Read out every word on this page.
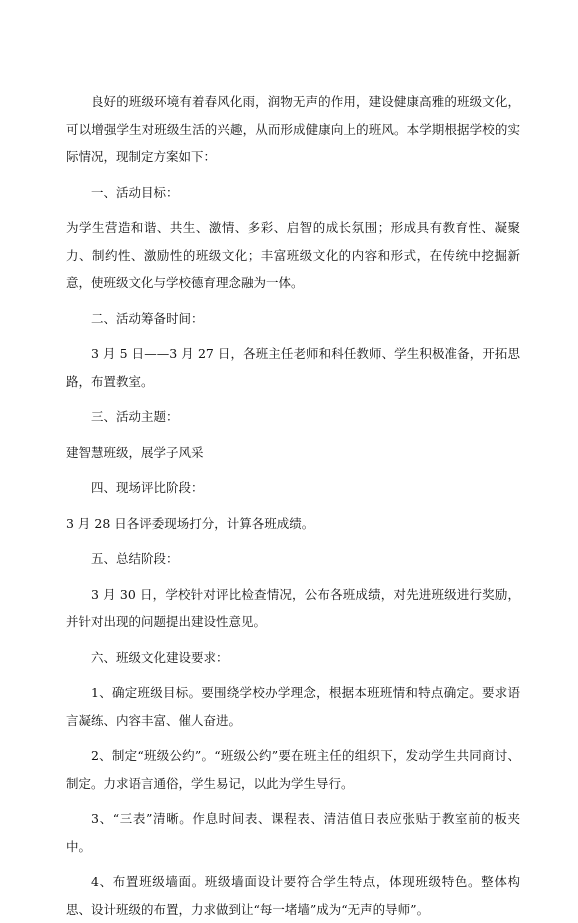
良好的班级环境有着春风化雨，润物无声的作用，建设健康高雅的班级文化，可以增强学生对班级生活的兴趣，从而形成健康向上的班风。本学期根据学校的实际情况，现制定方案如下：

一、活动目标：

为学生营造和谐、共生、激情、多彩、启智的成长氛围；形成具有教育性、凝聚力、制约性、激励性的班级文化；丰富班级文化的内容和形式，在传统中挖掘新意，使班级文化与学校德育理念融为一体。

二、活动筹备时间：

3 月 5 日——3 月 27 日，各班主任老师和科任教师、学生积极准备，开拓思路，布置教室。

三、活动主题：

建智慧班级，展学子风采

四、现场评比阶段：

3 月 28 日各评委现场打分，计算各班成绩。

五、总结阶段：

3 月 30 日，学校针对评比检查情况，公布各班成绩，对先进班级进行奖励，并针对出现的问题提出建设性意见。

六、班级文化建设要求：

1、确定班级目标。要围绕学校办学理念，根据本班班情和特点确定。要求语言凝练、内容丰富、催人奋进。

2、制定“班级公约”。“班级公约”要在班主任的组织下，发动学生共同商讨、制定。力求语言通俗，学生易记，以此为学生导行。

3、“三表”清晰。作息时间表、课程表、清洁值日表应张贴于教室前的板夹中。

4、布置班级墙面。班级墙面设计要符合学生特点，体现班级特色。整体构思、设计班级的布置，力求做到让“每一堵墙”成为“无声的导师”。
